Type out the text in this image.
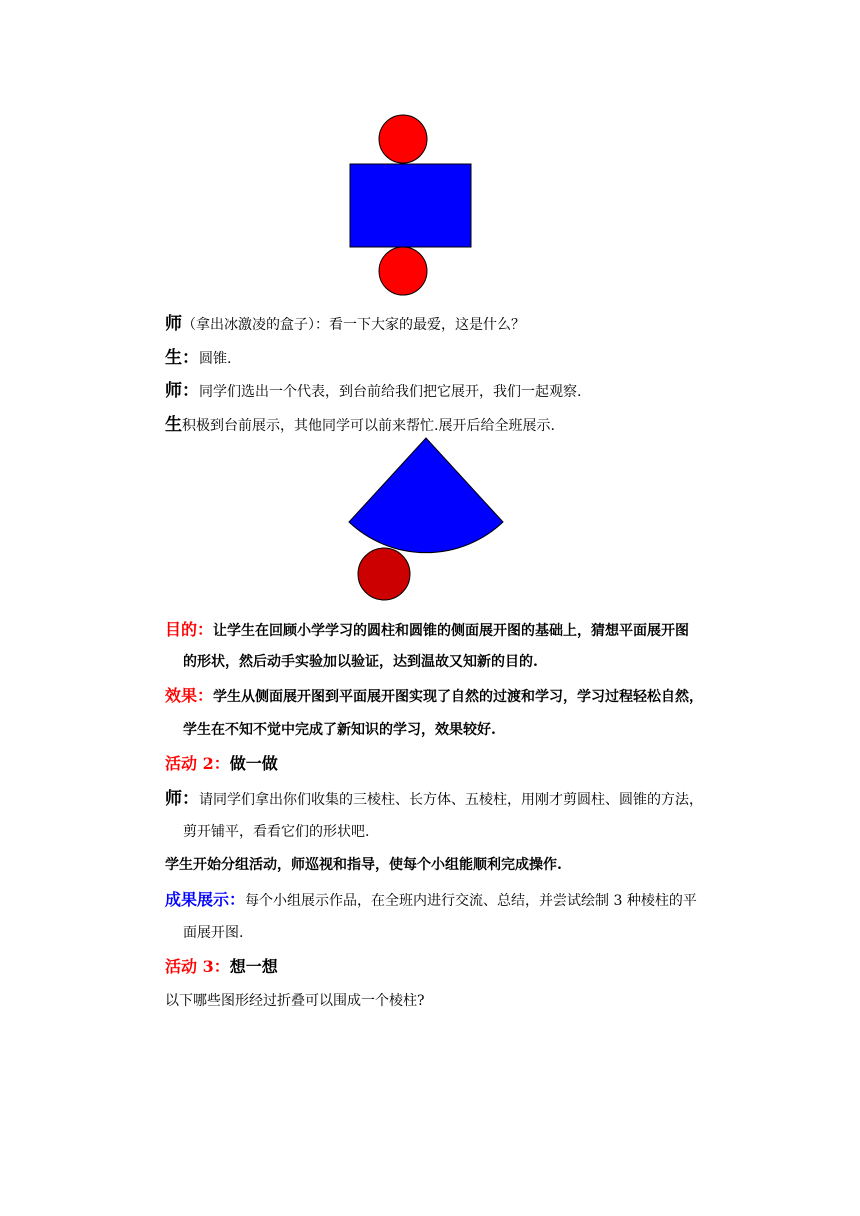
师（拿出冰激凌的盒子）：看一下大家的最爱，这是什么？
生：圆锥.
师：同学们选出一个代表，到台前给我们把它展开，我们一起观察.
生积极到台前展示，其他同学可以前来帮忙.展开后给全班展示.
目的：让学生在回顾小学学习的圆柱和圆锥的侧面展开图的基础上，猜想平面展开图
的形状，然后动手实验加以验证，达到温故又知新的目的.
效果：学生从侧面展开图到平面展开图实现了自然的过渡和学习，学习过程轻松自然，
学生在不知不觉中完成了新知识的学习，效果较好.
活动 2：做一做
师：请同学们拿出你们收集的三棱柱、长方体、五棱柱，用刚才剪圆柱、圆锥的方法，
剪开铺平，看看它们的形状吧.
学生开始分组活动，师巡视和指导，使每个小组能顺利完成操作.
成果展示：每个小组展示作品，在全班内进行交流、总结，并尝试绘制 3 种棱柱的平
面展开图.
活动 3：想一想
以下哪些图形经过折叠可以围成一个棱柱?
